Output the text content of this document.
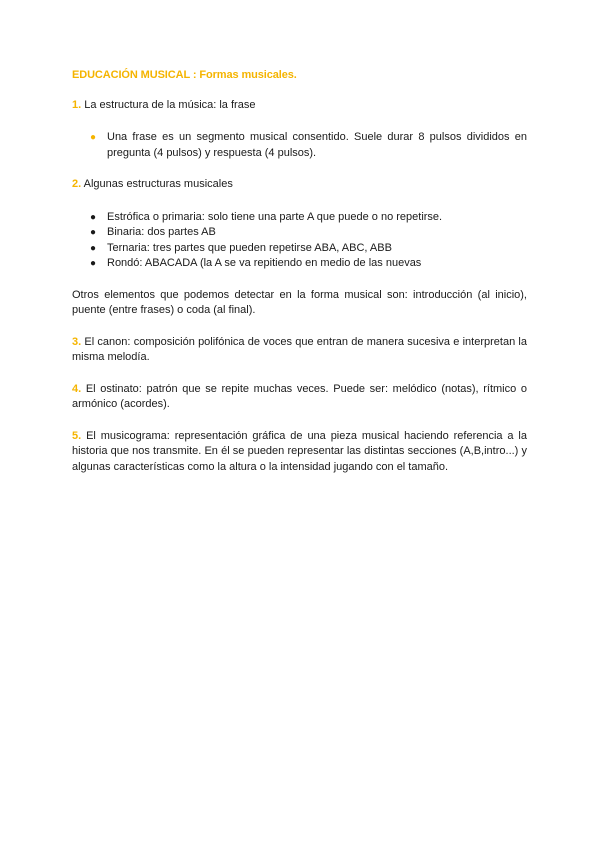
EDUCACIÓN MUSICAL : Formas musicales.

1. La estructura de la música: la frase

● Una frase es un segmento musical consentido. Suele durar 8 pulsos divididos en pregunta (4 pulsos) y respuesta (4 pulsos).

2. Algunas estructuras musicales

● Estrófica o primaria: solo tiene una parte A que puede o no repetirse.
● Binaria: dos partes AB
● Ternaria: tres partes que pueden repetirse ABA, ABC, ABB
● Rondó: ABACADA (la A se va repitiendo en medio de las nuevas

Otros elementos que podemos detectar en la forma musical son: introducción (al inicio), puente (entre frases) o coda (al final).

3. El canon: composición polifónica de voces que entran de manera sucesiva e interpretan la misma melodía.

4. El ostinato: patrón que se repite muchas veces. Puede ser: melódico (notas), rítmico o armónico (acordes).

5. El musicograma: representación gráfica de una pieza musical haciendo referencia a la historia que nos transmite. En él se pueden representar las distintas secciones (A,B,intro...) y algunas características como la altura o la intensidad jugando con el tamaño.
